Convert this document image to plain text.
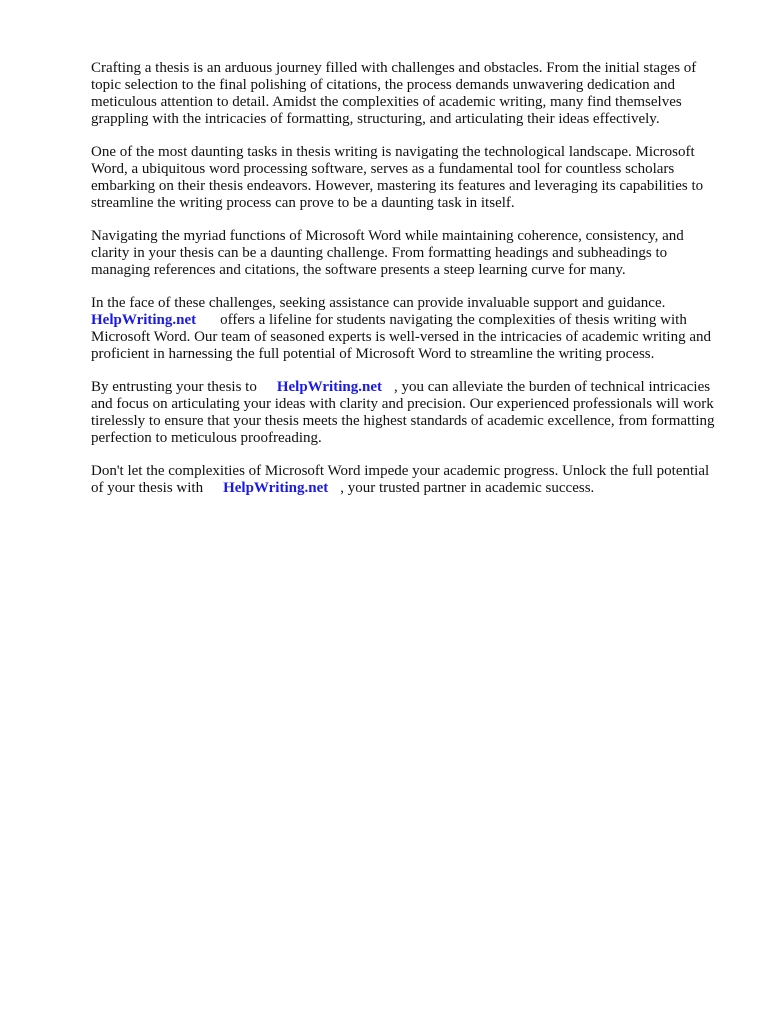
Crafting a thesis is an arduous journey filled with challenges and obstacles. From the initial stages of topic selection to the final polishing of citations, the process demands unwavering dedication and meticulous attention to detail. Amidst the complexities of academic writing, many find themselves grappling with the intricacies of formatting, structuring, and articulating their ideas effectively.

One of the most daunting tasks in thesis writing is navigating the technological landscape. Microsoft Word, a ubiquitous word processing software, serves as a fundamental tool for countless scholars embarking on their thesis endeavors. However, mastering its features and leveraging its capabilities to streamline the writing process can prove to be a daunting task in itself.

Navigating the myriad functions of Microsoft Word while maintaining coherence, consistency, and clarity in your thesis can be a daunting challenge. From formatting headings and subheadings to managing references and citations, the software presents a steep learning curve for many.

In the face of these challenges, seeking assistance can provide invaluable support and guidance.
HelpWriting.net offers a lifeline for students navigating the complexities of thesis writing with Microsoft Word. Our team of seasoned experts is well-versed in the intricacies of academic writing and proficient in harnessing the full potential of Microsoft Word to streamline the writing process.

By entrusting your thesis to HelpWriting.net , you can alleviate the burden of technical intricacies and focus on articulating your ideas with clarity and precision. Our experienced professionals will work tirelessly to ensure that your thesis meets the highest standards of academic excellence, from formatting perfection to meticulous proofreading.

Don't let the complexities of Microsoft Word impede your academic progress. Unlock the full potential of your thesis with HelpWriting.net , your trusted partner in academic success.
